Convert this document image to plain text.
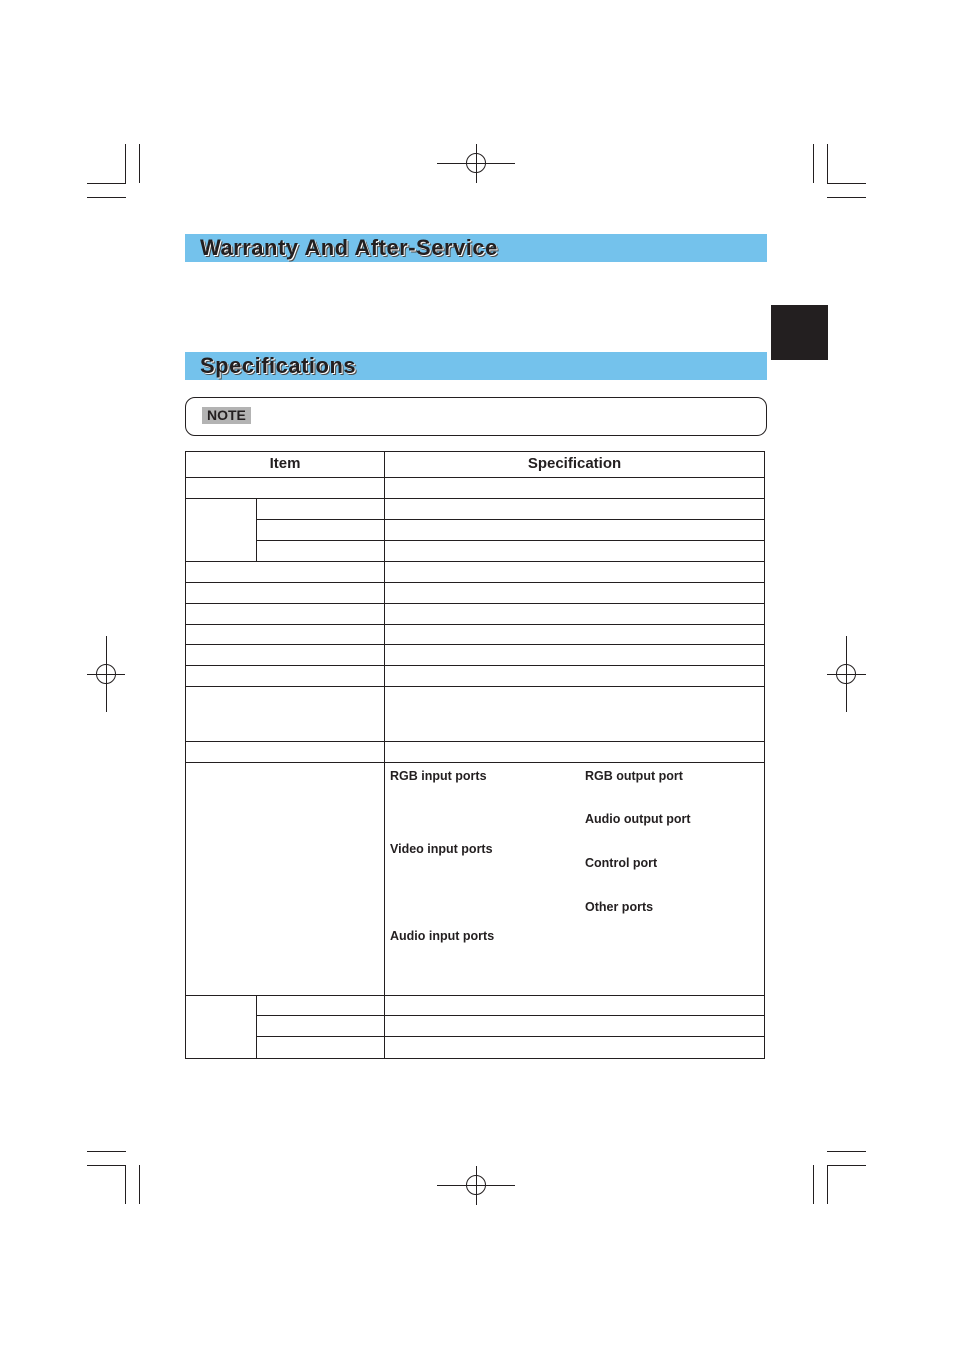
Warranty And After-Service
Specifications
NOTE
Item	Specification
RGB input ports
Video input ports
Audio input ports
RGB output port
Audio output port
Control port
Other ports
